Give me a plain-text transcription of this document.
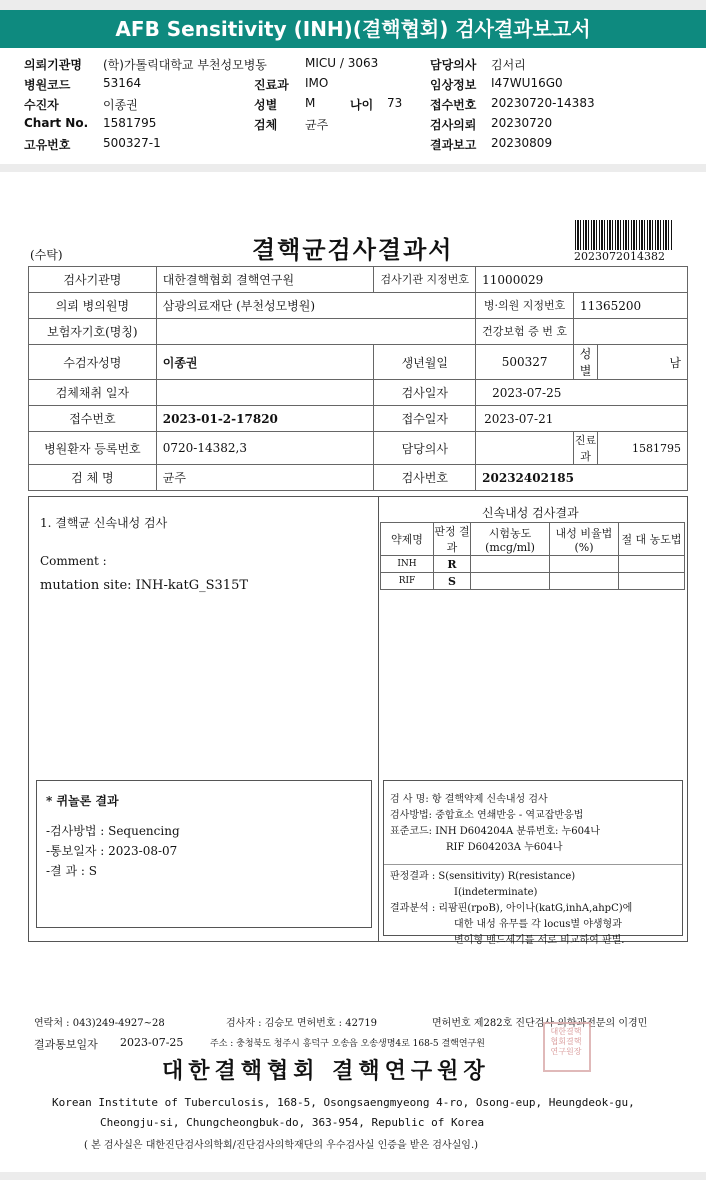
AFB Sensitivity (INH)(결핵협회) 검사결과보고서
의뢰기관명 (학)가톨릭대학교 부천성모병동	MICU / 3063	담당의사 김서리
병원코드	53164	진료과 IMO	임상정보 I47WU16G0
수진자	이종권	성별 M	나이 73 접수번호 20230720-14383
Chart No. 1581795	검체 균주	검사의뢰 20230720
고유번호	500327-1	결과보고 20230809
(수탁)	결핵균검사결과서	2023072014382
검사기관명	대한결핵협회 결핵연구원	검사기관 지정번호	11000029		
의뢰 병의원명	삼광의료재단 (부천성모병원)		병·의원 지정번호	11365200	
보험자기호(명칭)			건강보험 증 번 호		
수검자성명	이종권	생년월일	500327	성별	남
검체채취 일자		검사일자	2023-07-25		
접수번호	2023-01-2-17820	접수일자	2023-07-21		
병원환자 등록번호	0720-14382,3	담당의사		진료과	1581795
검 체 명	균주	검사번호	20232402185		
1. 결핵균 신속내성 검사
Comment :
mutation site: INH-katG_S315T
신속내성 검사결과
약제명	판정 결과	시험농도 (mcg/ml)	내성 비율법(%)	절 대 농도법
INH	R			
RIF	S			
* 퀴놀론 결과
-검사방법 : Sequencing
-통보일자 : 2023-08-07
-결 과 : S
검 사 명: 항 결핵약제 신속내성 검사
검사방법: 중합효소 연쇄반응 - 역교잡반응법
표준코드: INH D604204A 분류번호: 누604나
RIF D604203A 누604나
판정결과 : S(sensitivity) R(resistance)
I(indeterminate)
결과분석 : 리팜핀(rpoB), 아이나(katG,inhA,ahpC)에
대한 내성 유무를 각 locus별 야생형과
변이형 밴드세기를 서로 비교하여 판별.
연락처 : 043)249-4927~28	검사자 : 김승모 면허번호 : 42719	면허번호 제282호 진단검사 의학과전문의 이경민
결과통보일자 2023-07-25	주소 : 충청북도 청주시 흥덕구 오송읍 오송생명4로 168-5 결핵연구원
대한결핵협회 결핵연구원장
대한결핵협회결핵연구원장
Korean Institute of Tuberculosis, 168-5, Osongsaengmyeong 4-ro, Osong-eup, Heungdeok-gu,
Cheongju-si, Chungcheongbuk-do, 363-954, Republic of Korea
( 본 검사실은 대한진단검사의학회/진단검사의학재단의 우수검사실 인증을 받은 검사실임.)
